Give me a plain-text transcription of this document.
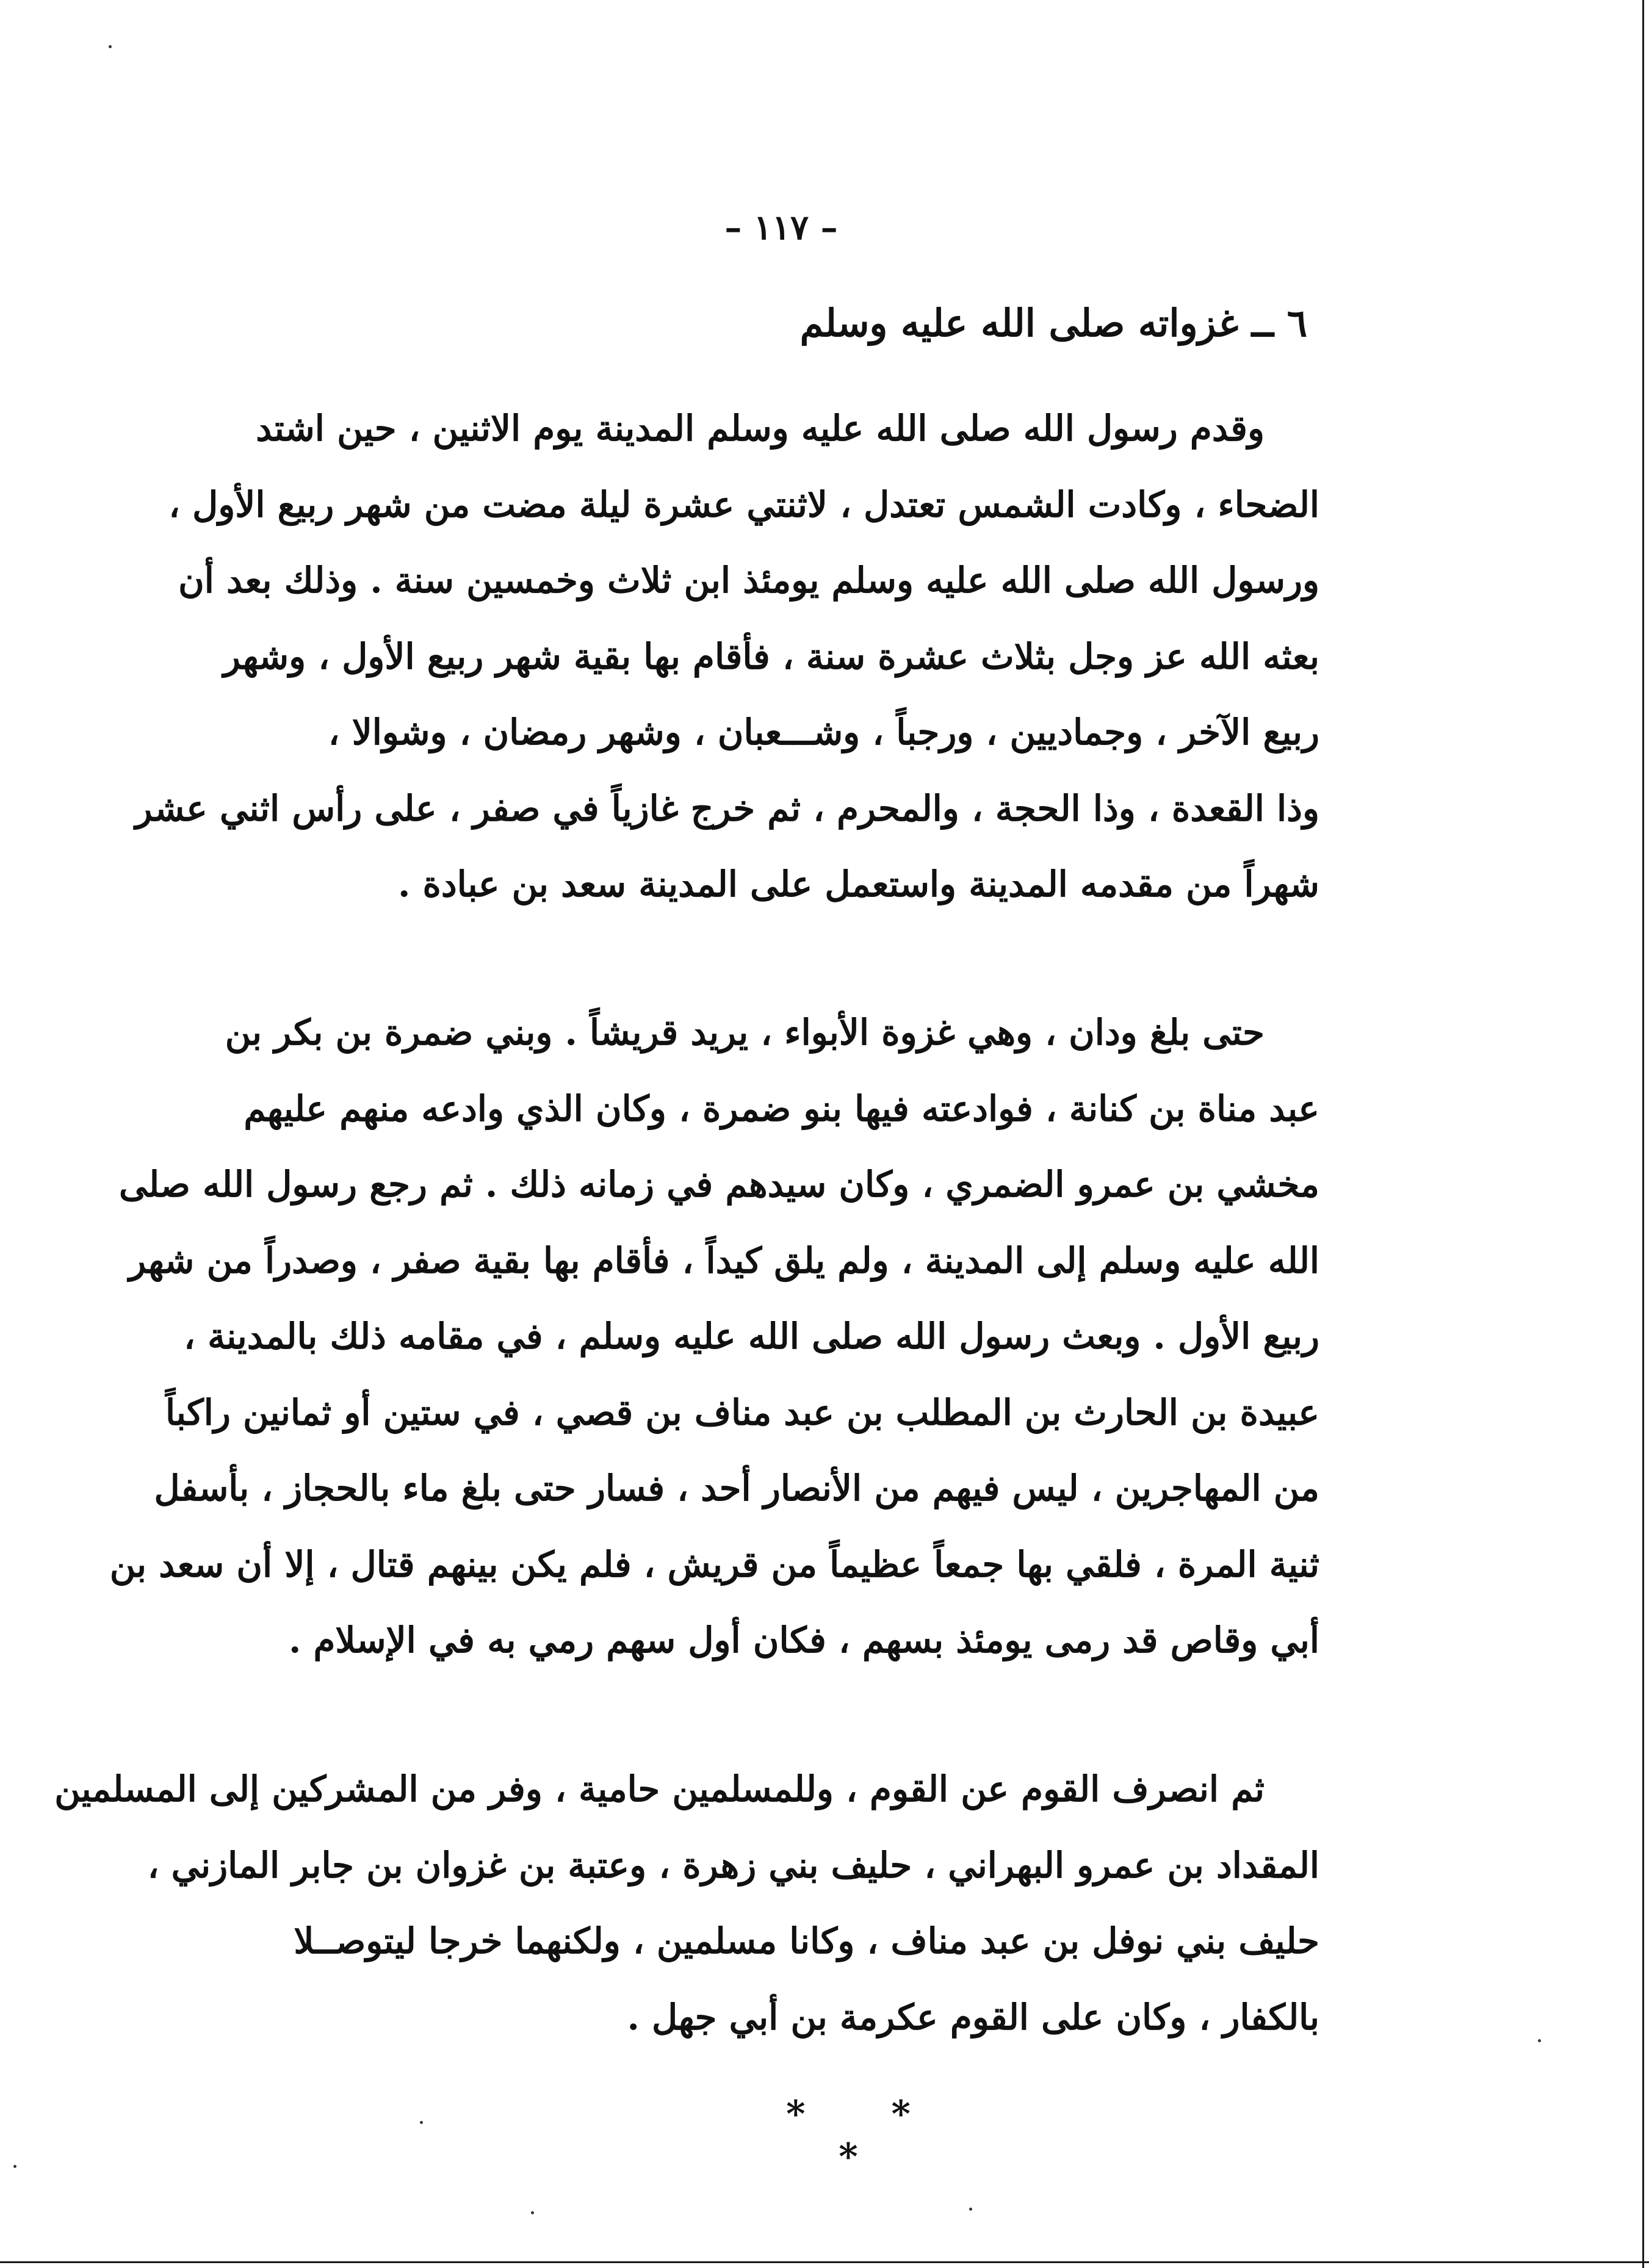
– ١١٧ –
٦ ــ غزواته صلى الله عليه وسلم
وقدم رسول الله صلى الله عليه وسلم المدينة يوم الاثنين ، حين اشتد
الضحاء ، وكادت الشمس تعتدل ، لاثنتي عشرة ليلة مضت من شهر ربيع الأول ،
ورسول الله صلى الله عليه وسلم يومئذ ابن ثلاث وخمسين سنة . وذلك بعد أن
بعثه الله عز وجل بثلاث عشرة سنة ، فأقام بها بقية شهر ربيع الأول ، وشهر
ربيع الآخر ، وجماديين ، ورجباً ، وشـــعبان ، وشهر رمضان ، وشوالا ،
وذا القعدة ، وذا الحجة ، والمحرم ، ثم خرج غازياً في صفر ، على رأس اثني عشر
شهراً من مقدمه المدينة واستعمل على المدينة سعد بن عبادة .
حتى بلغ ودان ، وهي غزوة الأبواء ، يريد قريشاً . وبني ضمرة بن بكر بن
عبد مناة بن كنانة ، فوادعته فيها بنو ضمرة ، وكان الذي وادعه منهم عليهم
مخشي بن عمرو الضمري ، وكان سيدهم في زمانه ذلك . ثم رجع رسول الله صلى
الله عليه وسلم إلى المدينة ، ولم يلق كيداً ، فأقام بها بقية صفر ، وصدراً من شهر
ربيع الأول . وبعث رسول الله صلى الله عليه وسلم ، في مقامه ذلك بالمدينة ،
عبيدة بن الحارث بن المطلب بن عبد مناف بن قصي ، في ستين أو ثمانين راكباً
من المهاجرين ، ليس فيهم من الأنصار أحد ، فسار حتى بلغ ماء بالحجاز ، بأسفل
ثنية المرة ، فلقي بها جمعاً عظيماً من قريش ، فلم يكن بينهم قتال ، إلا أن سعد بن
أبي وقاص قد رمى يومئذ بسهم ، فكان أول سهم رمي به في الإسلام .
ثم انصرف القوم عن القوم ، وللمسلمين حامية ، وفر من المشركين إلى المسلمين
المقداد بن عمرو البهراني ، حليف بني زهرة ، وعتبة بن غزوان بن جابر المازني ،
حليف بني نوفل بن عبد مناف ، وكانا مسلمين ، ولكنهما خرجا ليتوصــلا
بالكفار ، وكان على القوم عكرمة بن أبي جهل .
* * *
